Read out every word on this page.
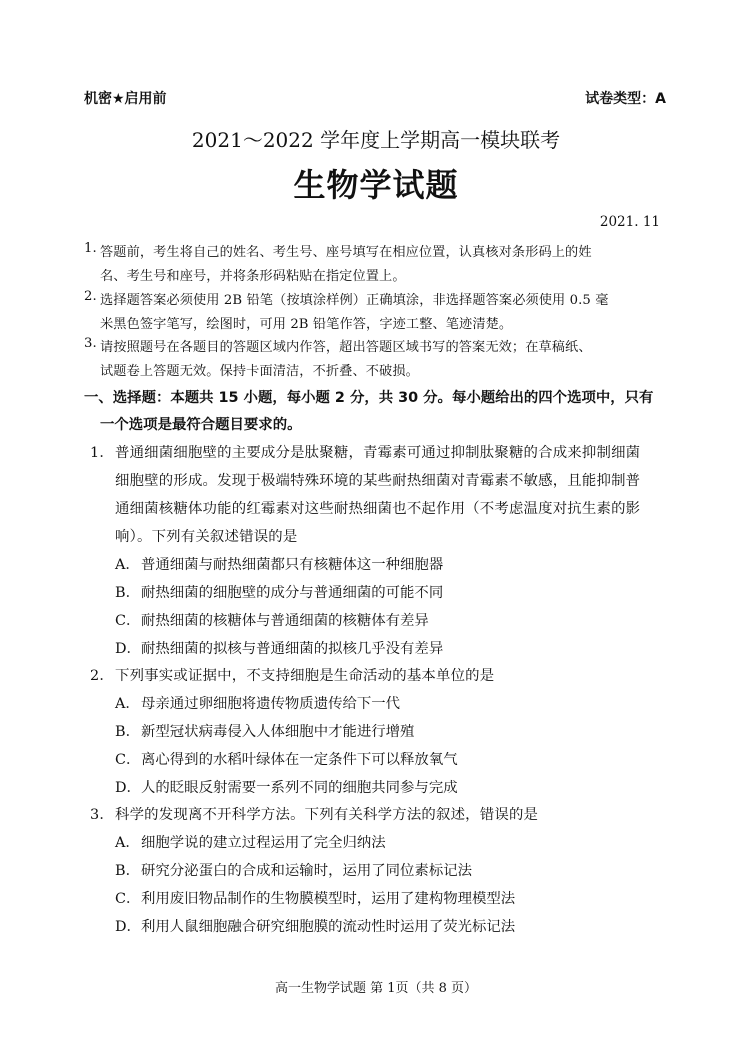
机密★启用前	试卷类型：A
2021～2022 学年度上学期高一模块联考
生物学试题
2021. 11
1. 答题前，考生将自己的姓名、考生号、座号填写在相应位置，认真核对条形码上的姓
名、考生号和座号，并将条形码粘贴在指定位置上。
2. 选择题答案必须使用 2B 铅笔（按填涂样例）正确填涂，非选择题答案必须使用 0.5 毫
米黑色签字笔写，绘图时，可用 2B 铅笔作答，字迹工整、笔迹清楚。
3. 请按照题号在各题目的答题区域内作答，超出答题区域书写的答案无效；在草稿纸、
试题卷上答题无效。保持卡面清洁，不折叠、不破损。
一、选择题：本题共 15 小题，每小题 2 分，共 30 分。每小题给出的四个选项中，只有
一个选项是最符合题目要求的。
1． 普通细菌细胞壁的主要成分是肽聚糖，青霉素可通过抑制肽聚糖的合成来抑制细菌
细胞壁的形成。发现于极端特殊环境的某些耐热细菌对青霉素不敏感，且能抑制普
通细菌核糖体功能的红霉素对这些耐热细菌也不起作用（不考虑温度对抗生素的影
响）。下列有关叙述错误的是
A． 普通细菌与耐热细菌都只有核糖体这一种细胞器
B． 耐热细菌的细胞壁的成分与普通细菌的可能不同
C． 耐热细菌的核糖体与普通细菌的核糖体有差异
D． 耐热细菌的拟核与普通细菌的拟核几乎没有差异
2． 下列事实或证据中，不支持细胞是生命活动的基本单位的是
A． 母亲通过卵细胞将遗传物质遗传给下一代
B． 新型冠状病毒侵入人体细胞中才能进行增殖
C． 离心得到的水稻叶绿体在一定条件下可以释放氧气
D． 人的眨眼反射需要一系列不同的细胞共同参与完成
3． 科学的发现离不开科学方法。下列有关科学方法的叙述，错误的是
A． 细胞学说的建立过程运用了完全归纳法
B． 研究分泌蛋白的合成和运输时，运用了同位素标记法
C． 利用废旧物品制作的生物膜模型时，运用了建构物理模型法
D． 利用人鼠细胞融合研究细胞膜的流动性时运用了荧光标记法
高一生物学试题 第 1页（共 8 页）
